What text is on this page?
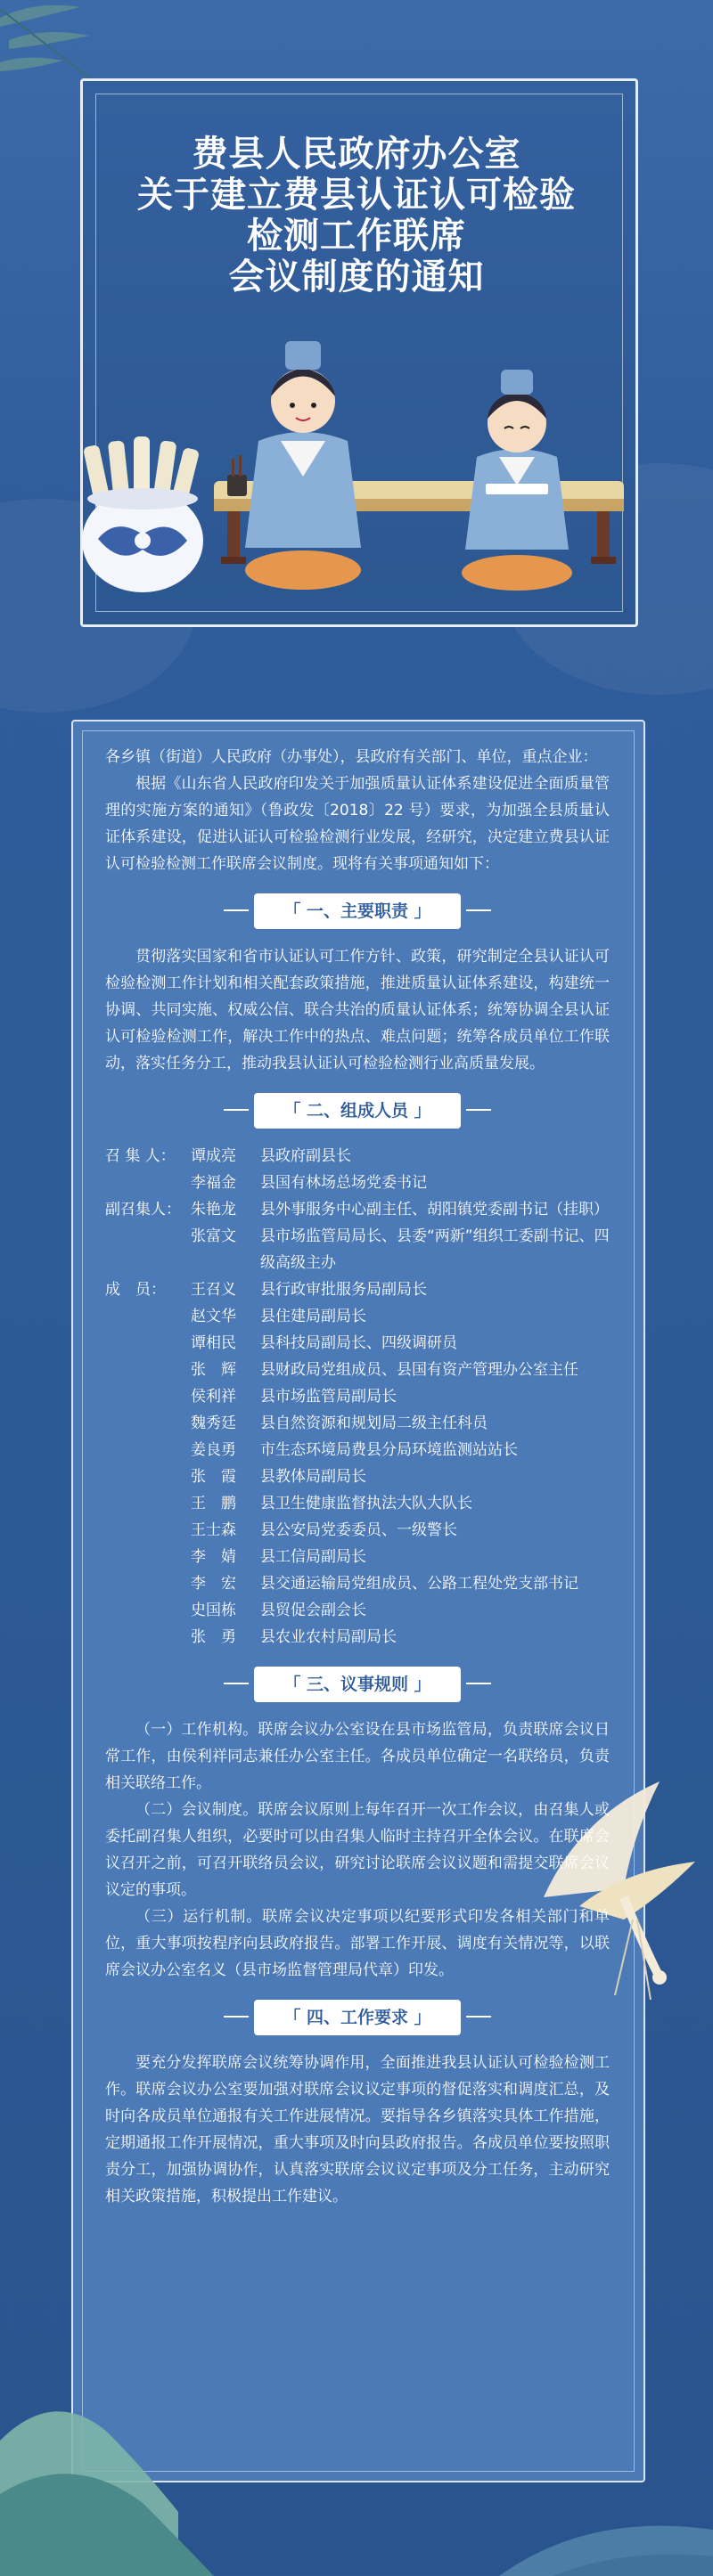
费县人民政府办公室
关于建立费县认证认可检验
检测工作联席
会议制度的通知

各乡镇（街道）人民政府（办事处），县政府有关部门、单位，重点企业：

根据《山东省人民政府印发关于加强质量认证体系建设促进全面质量管理的实施方案的通知》（鲁政发〔2018〕22 号）要求，为加强全县质量认证体系建设，促进认证认可检验检测行业发展，经研究，决定建立费县认证认可检验检测工作联席会议制度。现将有关事项通知如下：

「 一、主要职责 」

贯彻落实国家和省市认证认可工作方针、政策，研究制定全县认证认可检验检测工作计划和相关配套政策措施，推进质量认证体系建设，构建统一协调、共同实施、权威公信、联合共治的质量认证体系；统筹协调全县认证认可检验检测工作，解决工作中的热点、难点问题；统筹各成员单位工作联动，落实任务分工，推动我县认证认可检验检测行业高质量发展。

「 二、组成人员 」
召 集 人：	谭成亮	县政府副县长
李福金	县国有林场总场党委书记
副召集人： 朱艳龙	县外事服务中心副主任、胡阳镇党委副书记（挂职）
张富文	县市场监管局局长、县委“两新”组织工委副书记、四级高级主办
成　员：	王召义	县行政审批服务局副局长
赵文华	县住建局副局长
谭相民	县科技局副局长、四级调研员
张　辉	县财政局党组成员、县国有资产管理办公室主任
侯利祥	县市场监管局副局长
魏秀廷	县自然资源和规划局二级主任科员
姜良勇	市生态环境局费县分局环境监测站站长
张　霞	县教体局副局长
王　鹏	县卫生健康监督执法大队大队长
王士森	县公安局党委委员、一级警长
李　婧	县工信局副局长
李　宏	县交通运输局党组成员、公路工程处党支部书记
史国栋	县贸促会副会长
张　勇	县农业农村局副局长
「 三、议事规则 」

（一）工作机构。联席会议办公室设在县市场监管局，负责联席会议日常工作，由侯利祥同志兼任办公室主任。各成员单位确定一名联络员，负责相关联络工作。

（二）会议制度。联席会议原则上每年召开一次工作会议，由召集人或委托副召集人组织，必要时可以由召集人临时主持召开全体会议。在联席会议召开之前，可召开联络员会议，研究讨论联席会议议题和需提交联席会议议定的事项。

（三）运行机制。联席会议决定事项以纪要形式印发各相关部门和单位，重大事项按程序向县政府报告。部署工作开展、调度有关情况等，以联席会议办公室名义（县市场监督管理局代章）印发。

「 四、工作要求 」

要充分发挥联席会议统筹协调作用，全面推进我县认证认可检验检测工作。联席会议办公室要加强对联席会议议定事项的督促落实和调度汇总，及时向各成员单位通报有关工作进展情况。要指导各乡镇落实具体工作措施，定期通报工作开展情况，重大事项及时向县政府报告。各成员单位要按照职责分工，加强协调协作，认真落实联席会议议定事项及分工任务，主动研究相关政策措施，积极提出工作建议。
